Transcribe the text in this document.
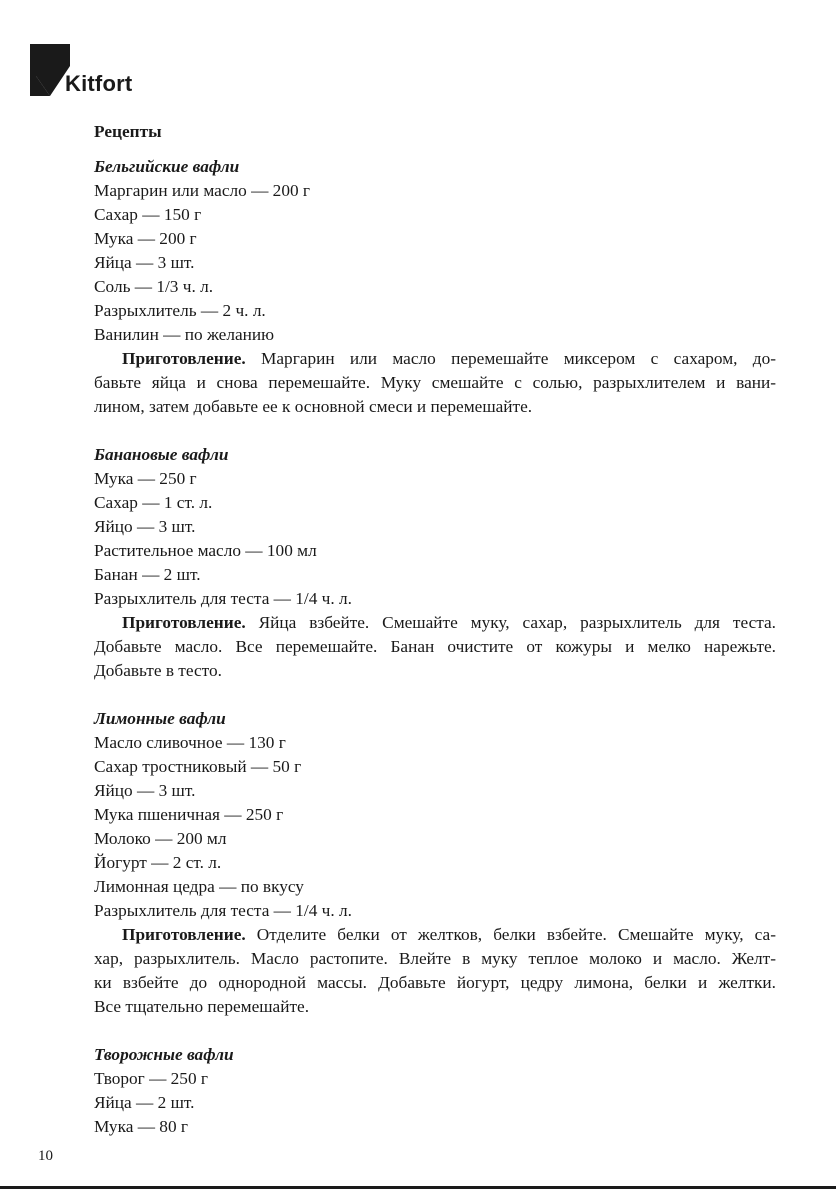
Kitfort

Рецепты

Бельгийские вафли

Маргарин или масло — 200 г
Сахар — 150 г
Мука — 200 г
Яйца — 3 шт.
Соль — 1/3 ч. л.
Разрыхлитель — 2 ч. л.
Ванилин — по желанию
Приготовление. Маргарин или масло перемешайте миксером с сахаром, до-
бавьте яйца и снова перемешайте. Муку смешайте с солью, разрыхлителем и вани-
лином, затем добавьте ее к основной смеси и перемешайте.

Банановые вафли

Мука — 250 г
Сахар — 1 ст. л.
Яйцо — 3 шт.
Растительное масло — 100 мл
Банан — 2 шт.
Разрыхлитель для теста — 1/4 ч. л.
Приготовление. Яйца взбейте. Смешайте муку, сахар, разрыхлитель для теста.
Добавьте масло. Все перемешайте. Банан очистите от кожуры и мелко нарежьте.
Добавьте в тесто.

Лимонные вафли

Масло сливочное — 130 г
Сахар тростниковый — 50 г
Яйцо — 3 шт.
Мука пшеничная — 250 г
Молоко — 200 мл
Йогурт — 2 ст. л.
Лимонная цедра — по вкусу
Разрыхлитель для теста — 1/4 ч. л.
Приготовление. Отделите белки от желтков, белки взбейте. Смешайте муку, са-
хар, разрыхлитель. Масло растопите. Влейте в муку теплое молоко и масло. Желт-
ки взбейте до однородной массы. Добавьте йогурт, цедру лимона, белки и желтки.
Все тщательно перемешайте.

Творожные вафли

Творог — 250 г
Яйца — 2 шт.
Мука — 80 г
10
